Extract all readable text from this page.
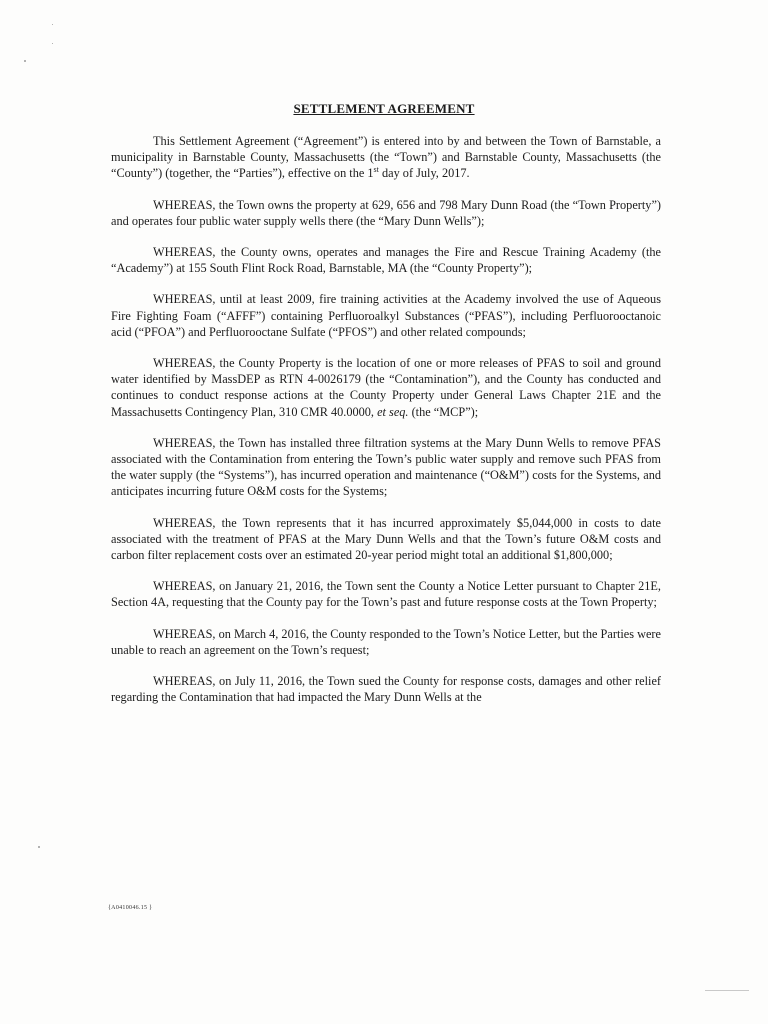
SETTLEMENT AGREEMENT

This Settlement Agreement (“Agreement”) is entered into by and between the Town of Barnstable, a municipality in Barnstable County, Massachusetts (the “Town”) and Barnstable County, Massachusetts (the “County”) (together, the “Parties”), effective on the 1st day of July, 2017.

WHEREAS, the Town owns the property at 629, 656 and 798 Mary Dunn Road (the “Town Property”) and operates four public water supply wells there (the “Mary Dunn Wells”);

WHEREAS, the County owns, operates and manages the Fire and Rescue Training Academy (the “Academy”) at 155 South Flint Rock Road, Barnstable, MA (the “County Property”);

WHEREAS, until at least 2009, fire training activities at the Academy involved the use of Aqueous Fire Fighting Foam (“AFFF”) containing Perfluoroalkyl Substances (“PFAS”), including Perfluorooctanoic acid (“PFOA”) and Perfluorooctane Sulfate (“PFOS”) and other related compounds;

WHEREAS, the County Property is the location of one or more releases of PFAS to soil and ground water identified by MassDEP as RTN 4-0026179 (the “Contamination”), and the County has conducted and continues to conduct response actions at the County Property under General Laws Chapter 21E and the Massachusetts Contingency Plan, 310 CMR 40.0000, et seq. (the “MCP”);

WHEREAS, the Town has installed three filtration systems at the Mary Dunn Wells to remove PFAS associated with the Contamination from entering the Town’s public water supply and remove such PFAS from the water supply (the “Systems”), has incurred operation and maintenance (“O&M”) costs for the Systems, and anticipates incurring future O&M costs for the Systems;

WHEREAS, the Town represents that it has incurred approximately $5,044,000 in costs to date associated with the treatment of PFAS at the Mary Dunn Wells and that the Town’s future O&M costs and carbon filter replacement costs over an estimated 20-year period might total an additional $1,800,000;

WHEREAS, on January 21, 2016, the Town sent the County a Notice Letter pursuant to Chapter 21E, Section 4A, requesting that the County pay for the Town’s past and future response costs at the Town Property;

WHEREAS, on March 4, 2016, the County responded to the Town’s Notice Letter, but the Parties were unable to reach an agreement on the Town’s request;

WHEREAS, on July 11, 2016, the Town sued the County for response costs, damages and other relief regarding the Contamination that had impacted the Mary Dunn Wells at the

{A0410046.15 }
